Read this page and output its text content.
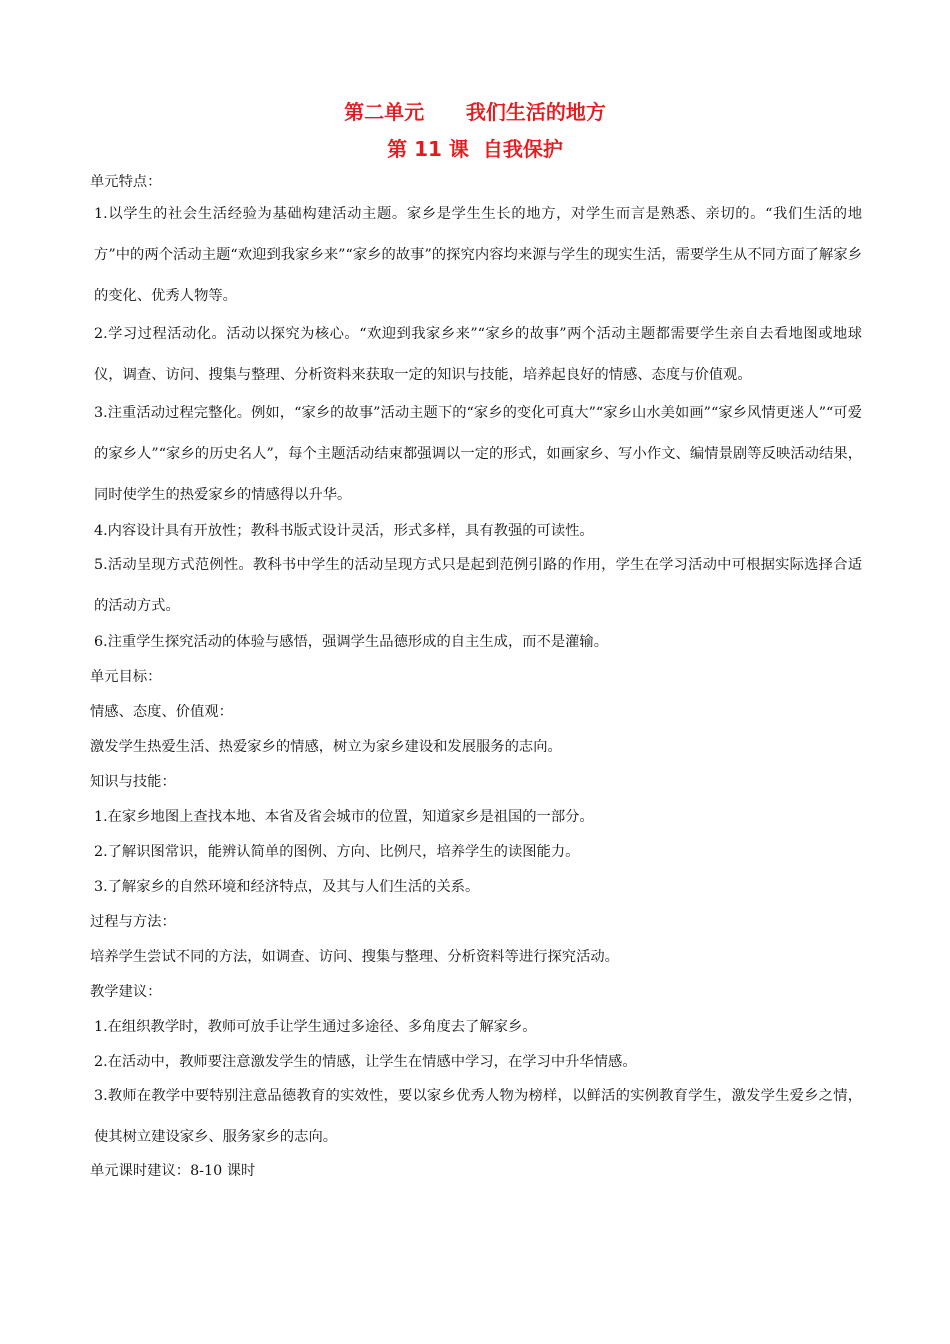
第二单元      我们生活的地方
第 11 课  自我保护

单元特点：

1.以学生的社会生活经验为基础构建活动主题。家乡是学生生长的地方，对学生而言是熟悉、亲切的。“我们生活的地方”中的两个活动主题“欢迎到我家乡来”“家乡的故事”的探究内容均来源与学生的现实生活，需要学生从不同方面了解家乡的变化、优秀人物等。

2.学习过程活动化。活动以探究为核心。“欢迎到我家乡来”“家乡的故事”两个活动主题都需要学生亲自去看地图或地球仪，调查、访问、搜集与整理、分析资料来获取一定的知识与技能，培养起良好的情感、态度与价值观。

3.注重活动过程完整化。例如，“家乡的故事”活动主题下的“家乡的变化可真大”“家乡山水美如画”“家乡风情更迷人”“可爱的家乡人”“家乡的历史名人”，每个主题活动结束都强调以一定的形式，如画家乡、写小作文、编情景剧等反映活动结果，同时使学生的热爱家乡的情感得以升华。

4.内容设计具有开放性；教科书版式设计灵活，形式多样，具有教强的可读性。

5.活动呈现方式范例性。教科书中学生的活动呈现方式只是起到范例引路的作用，学生在学习活动中可根据实际选择合适的活动方式。

6.注重学生探究活动的体验与感悟，强调学生品德形成的自主生成，而不是灌输。

单元目标：

情感、态度、价值观：

激发学生热爱生活、热爱家乡的情感，树立为家乡建设和发展服务的志向。

知识与技能：

1.在家乡地图上查找本地、本省及省会城市的位置，知道家乡是祖国的一部分。

2.了解识图常识，能辨认简单的图例、方向、比例尺，培养学生的读图能力。

3.了解家乡的自然环境和经济特点，及其与人们生活的关系。

过程与方法：

培养学生尝试不同的方法，如调查、访问、搜集与整理、分析资料等进行探究活动。

教学建议：

1.在组织教学时，教师可放手让学生通过多途径、多角度去了解家乡。

2.在活动中，教师要注意激发学生的情感，让学生在情感中学习，在学习中升华情感。

3.教师在教学中要特别注意品德教育的实效性，要以家乡优秀人物为榜样，以鲜活的实例教育学生，激发学生爱乡之情，使其树立建设家乡、服务家乡的志向。

单元课时建议：8-10 课时
